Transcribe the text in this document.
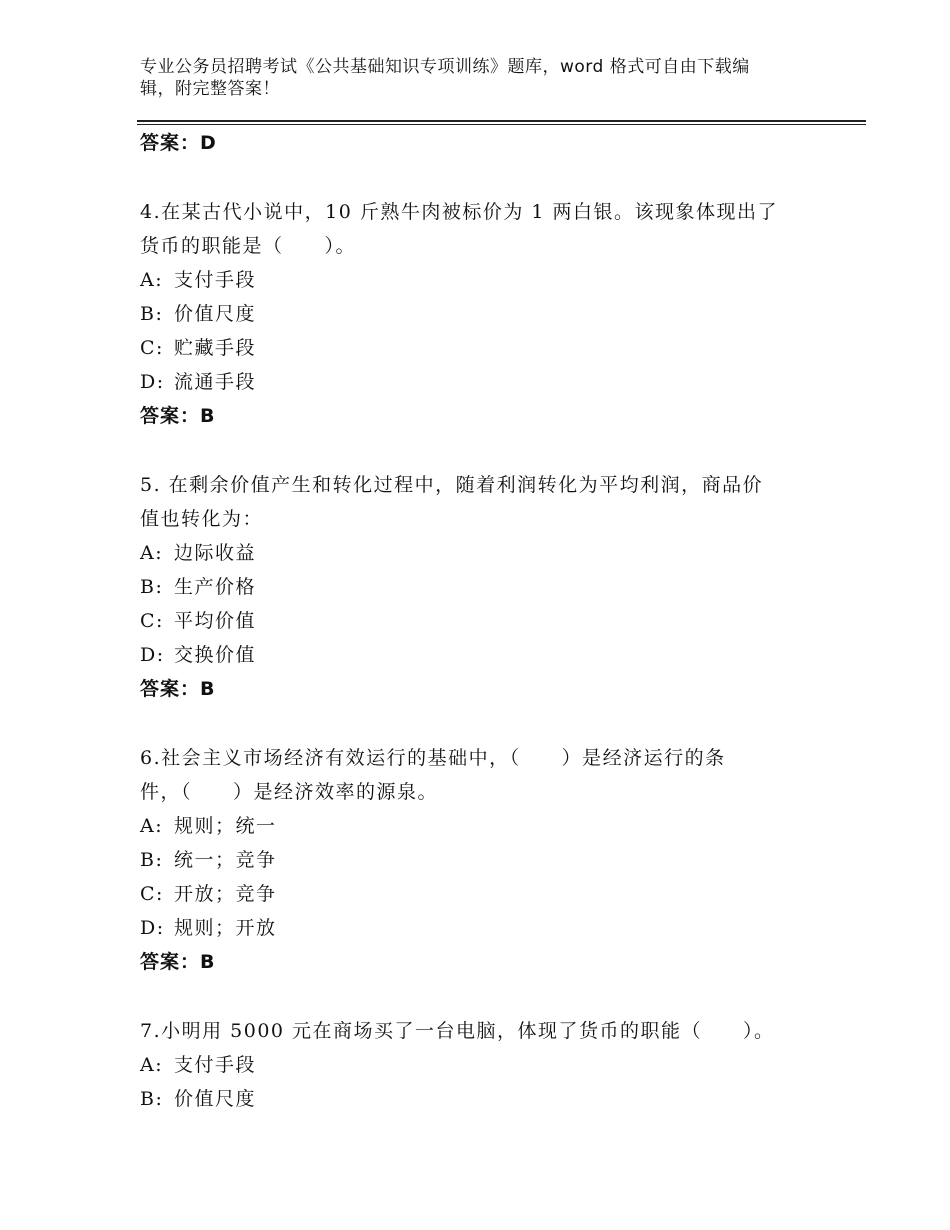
专业公务员招聘考试《公共基础知识专项训练》题库，word 格式可自由下载编
辑，附完整答案！
答案：D
4.在某古代小说中，10 斤熟牛肉被标价为 1 两白银。该现象体现出了
货币的职能是（　　）。
A: 支付手段
B: 价值尺度
C: 贮藏手段
D: 流通手段
答案：B
5. 在剩余价值产生和转化过程中，随着利润转化为平均利润，商品价
值也转化为：
A: 边际收益
B: 生产价格
C: 平均价值
D: 交换价值
答案：B
6.社会主义市场经济有效运行的基础中，（　　）是经济运行的条
件，（　　）是经济效率的源泉。
A: 规则；统一
B: 统一；竞争
C: 开放；竞争
D: 规则；开放
答案：B
7.小明用 5000 元在商场买了一台电脑，体现了货币的职能（　　）。
A: 支付手段
B: 价值尺度
